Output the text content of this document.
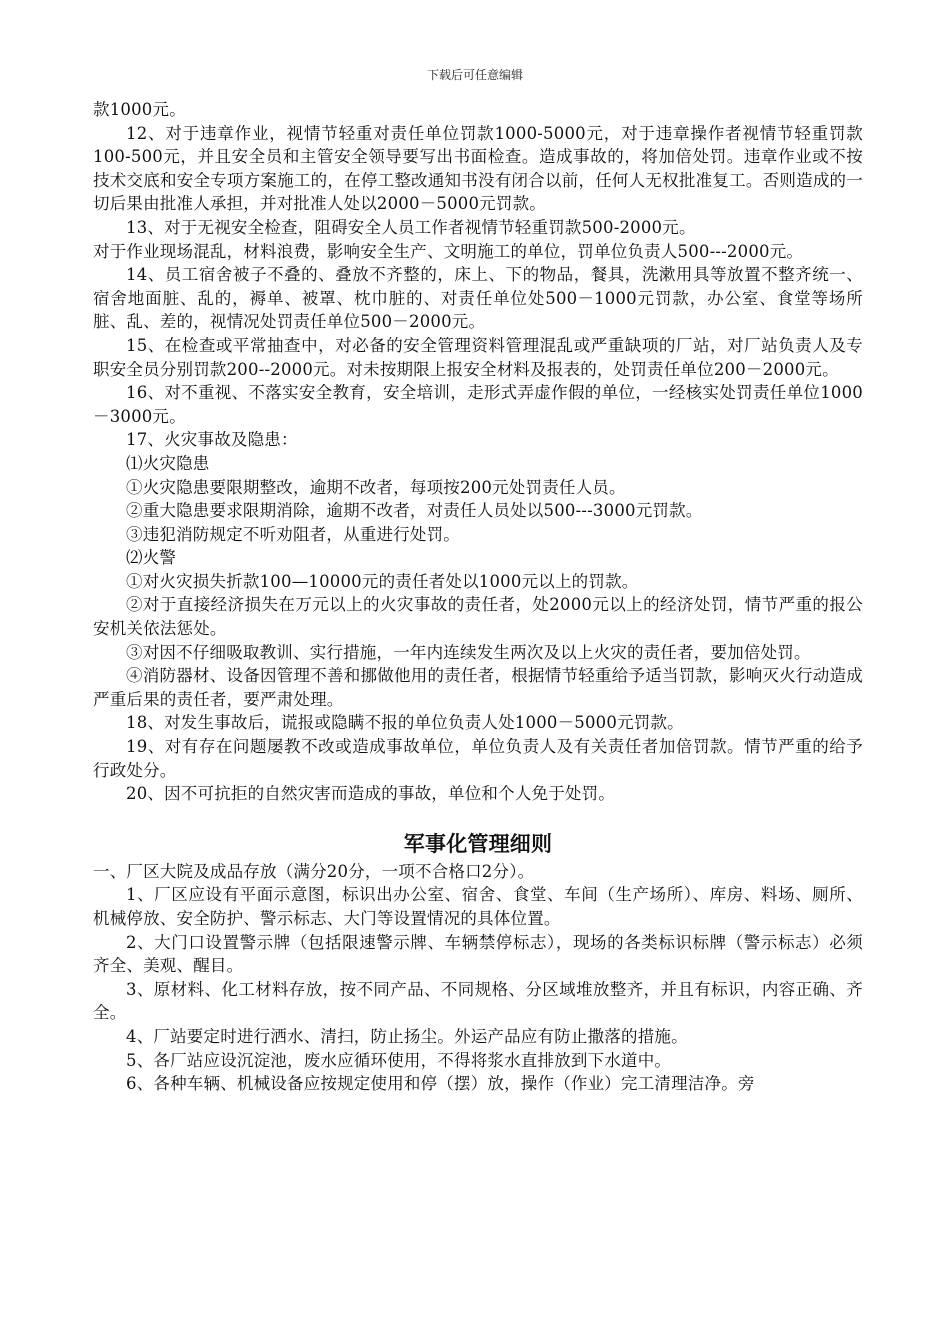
下载后可任意编辑

款1000元。

12、对于违章作业，视情节轻重对责任单位罚款1000-5000元，对于违章操作者视情节轻重罚款100-500元，并且安全员和主管安全领导要写出书面检查。造成事故的，将加倍处罚。违章作业或不按技术交底和安全专项方案施工的，在停工整改通知书没有闭合以前，任何人无权批准复工。否则造成的一切后果由批准人承担，并对批准人处以2000－5000元罚款。

13、对于无视安全检查，阻碍安全人员工作者视情节轻重罚款500-2000元。

对于作业现场混乱，材料浪费，影响安全生产、文明施工的单位，罚单位负责人500---2000元。

14、员工宿舍被子不叠的、叠放不齐整的，床上、下的物品，餐具，洗漱用具等放置不整齐统一、宿舍地面脏、乱的，褥单、被罩、枕巾脏的、对责任单位处500－1000元罚款，办公室、食堂等场所脏、乱、差的，视情况处罚责任单位500－2000元。

15、在检查或平常抽查中，对必备的安全管理资料管理混乱或严重缺项的厂站，对厂站负责人及专职安全员分别罚款200--2000元。对未按期限上报安全材料及报表的，处罚责任单位200－2000元。

16、对不重视、不落实安全教育，安全培训，走形式弄虚作假的单位，一经核实处罚责任单位1000－3000元。

17、火灾事故及隐患：

⑴火灾隐患

①火灾隐患要限期整改，逾期不改者，每项按200元处罚责任人员。

②重大隐患要求限期消除，逾期不改者，对责任人员处以500---3000元罚款。

③违犯消防规定不听劝阻者，从重进行处罚。

⑵火警

①对火灾损失折款100—10000元的责任者处以1000元以上的罚款。

②对于直接经济损失在万元以上的火灾事故的责任者，处2000元以上的经济处罚，情节严重的报公安机关依法惩处。

③对因不仔细吸取教训、实行措施，一年内连续发生两次及以上火灾的责任者，要加倍处罚。

④消防器材、设备因管理不善和挪做他用的责任者，根据情节轻重给予适当罚款，影响灭火行动造成严重后果的责任者，要严肃处理。

18、对发生事故后，谎报或隐瞒不报的单位负责人处1000－5000元罚款。

19、对有存在问题屡教不改或造成事故单位，单位负责人及有关责任者加倍罚款。情节严重的给予行政处分。

20、因不可抗拒的自然灾害而造成的事故，单位和个人免于处罚。

军事化管理细则

一、厂区大院及成品存放（满分20分，一项不合格口2分）。

1、厂区应设有平面示意图，标识出办公室、宿舍、食堂、车间（生产场所）、库房、料场、厕所、机械停放、安全防护、警示标志、大门等设置情况的具体位置。

2、大门口设置警示牌（包括限速警示牌、车辆禁停标志），现场的各类标识标牌（警示标志）必须齐全、美观、醒目。

3、原材料、化工材料存放，按不同产品、不同规格、分区域堆放整齐，并且有标识，内容正确、齐全。

4、厂站要定时进行洒水、清扫，防止扬尘。外运产品应有防止撒落的措施。

5、各厂站应设沉淀池，废水应循环使用，不得将浆水直排放到下水道中。

6、各种车辆、机械设备应按规定使用和停（摆）放，操作（作业）完工清理洁净。旁
